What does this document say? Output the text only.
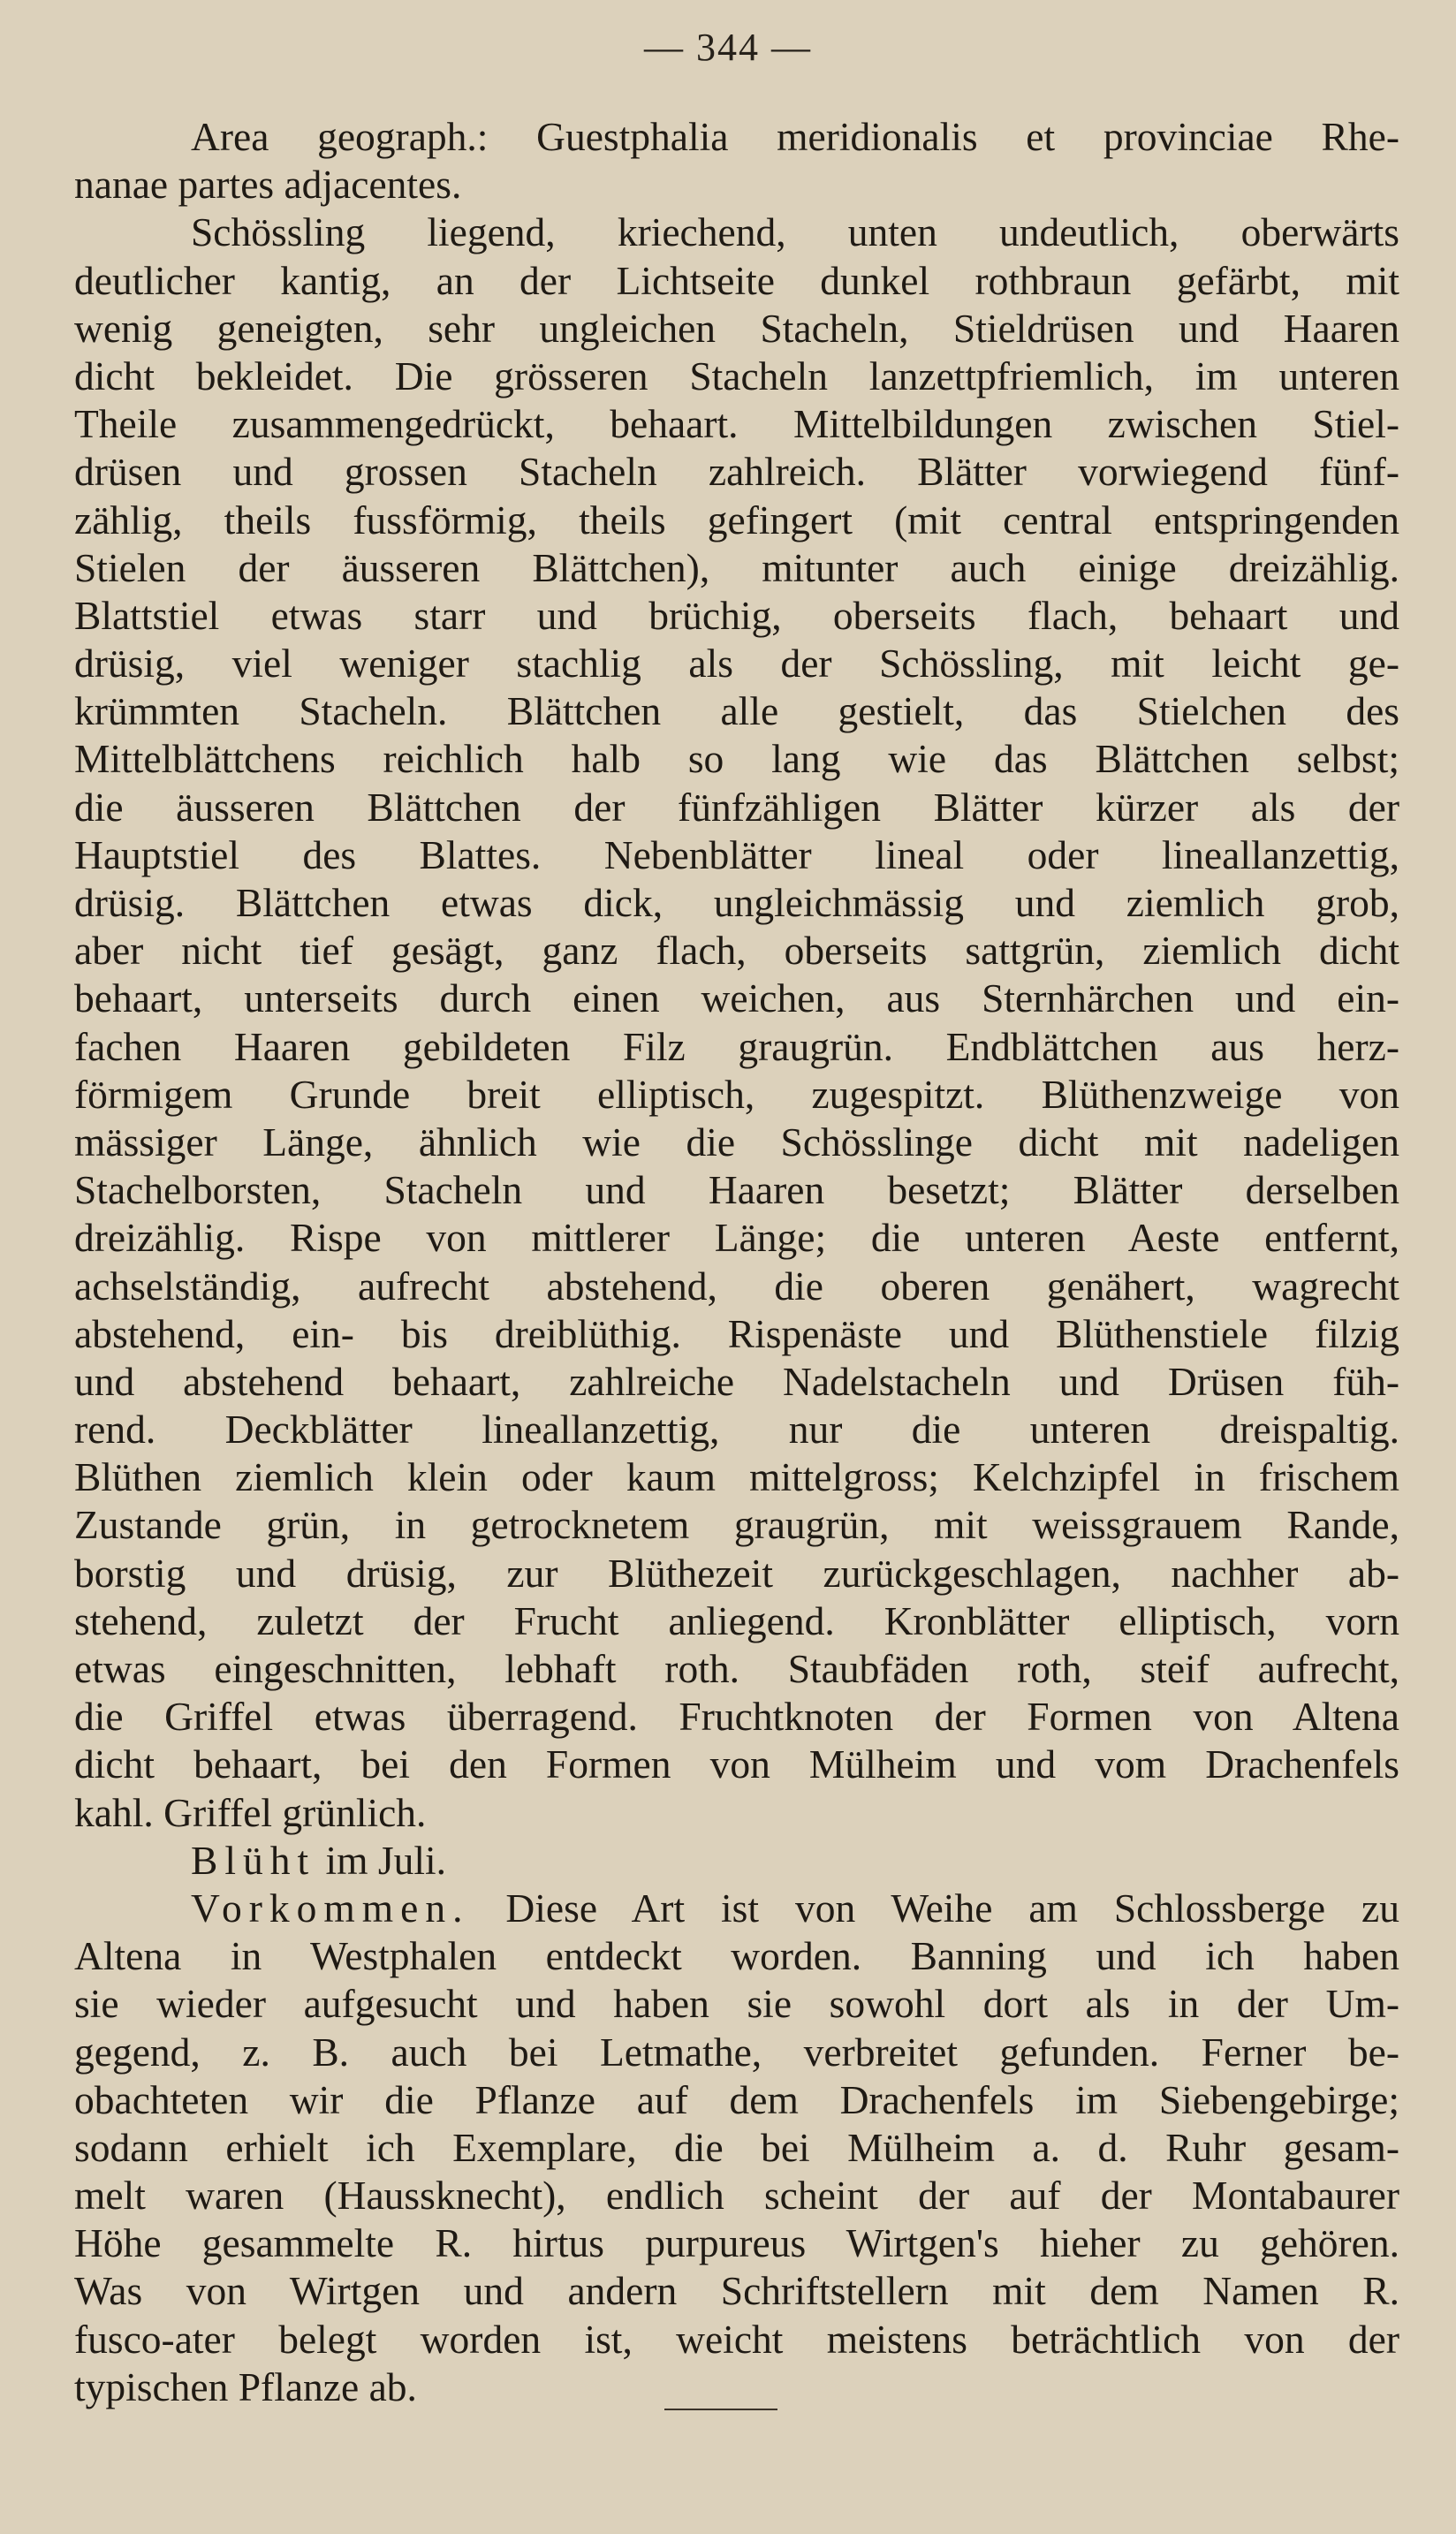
— 344 —
Area geograph.: Guestphalia meridionalis et provinciae Rhe-
nanae partes adjacentes.
Schössling liegend, kriechend, unten undeutlich, oberwärts
deutlicher kantig, an der Lichtseite dunkel rothbraun gefärbt, mit
wenig geneigten, sehr ungleichen Stacheln, Stieldrüsen und Haaren
dicht bekleidet. Die grösseren Stacheln lanzettpfriemlich, im unteren
Theile zusammengedrückt, behaart. Mittelbildungen zwischen Stiel-
drüsen und grossen Stacheln zahlreich. Blätter vorwiegend fünf-
zählig, theils fussförmig, theils gefingert (mit central entspringenden
Stielen der äusseren Blättchen), mitunter auch einige dreizählig.
Blattstiel etwas starr und brüchig, oberseits flach, behaart und
drüsig, viel weniger stachlig als der Schössling, mit leicht ge-
krümmten Stacheln. Blättchen alle gestielt, das Stielchen des
Mittelblättchens reichlich halb so lang wie das Blättchen selbst;
die äusseren Blättchen der fünfzähligen Blätter kürzer als der
Hauptstiel des Blattes. Nebenblätter lineal oder lineallanzettig,
drüsig. Blättchen etwas dick, ungleichmässig und ziemlich grob,
aber nicht tief gesägt, ganz flach, oberseits sattgrün, ziemlich dicht
behaart, unterseits durch einen weichen, aus Sternhärchen und ein-
fachen Haaren gebildeten Filz graugrün. Endblättchen aus herz-
förmigem Grunde breit elliptisch, zugespitzt. Blüthenzweige von
mässiger Länge, ähnlich wie die Schösslinge dicht mit nadeligen
Stachelborsten, Stacheln und Haaren besetzt; Blätter derselben
dreizählig. Rispe von mittlerer Länge; die unteren Aeste entfernt,
achselständig, aufrecht abstehend, die oberen genähert, wagrecht
abstehend, ein- bis dreiblüthig. Rispenäste und Blüthenstiele filzig
und abstehend behaart, zahlreiche Nadelstacheln und Drüsen füh-
rend. Deckblätter lineallanzettig, nur die unteren dreispaltig.
Blüthen ziemlich klein oder kaum mittelgross; Kelchzipfel in frischem
Zustande grün, in getrocknetem graugrün, mit weissgrauem Rande,
borstig und drüsig, zur Blüthezeit zurückgeschlagen, nachher ab-
stehend, zuletzt der Frucht anliegend. Kronblätter elliptisch, vorn
etwas eingeschnitten, lebhaft roth. Staubfäden roth, steif aufrecht,
die Griffel etwas überragend. Fruchtknoten der Formen von Altena
dicht behaart, bei den Formen von Mülheim und vom Drachenfels
kahl. Griffel grünlich.
Blüht im Juli.
Vorkommen. Diese Art ist von Weihe am Schlossberge zu
Altena in Westphalen entdeckt worden. Banning und ich haben
sie wieder aufgesucht und haben sie sowohl dort als in der Um-
gegend, z. B. auch bei Letmathe, verbreitet gefunden. Ferner be-
obachteten wir die Pflanze auf dem Drachenfels im Siebengebirge;
sodann erhielt ich Exemplare, die bei Mülheim a. d. Ruhr gesam-
melt waren (Haussknecht), endlich scheint der auf der Montabaurer
Höhe gesammelte R. hirtus purpureus Wirtgen's hieher zu gehören.
Was von Wirtgen und andern Schriftstellern mit dem Namen R.
fusco-ater belegt worden ist, weicht meistens beträchtlich von der
typischen Pflanze ab.
